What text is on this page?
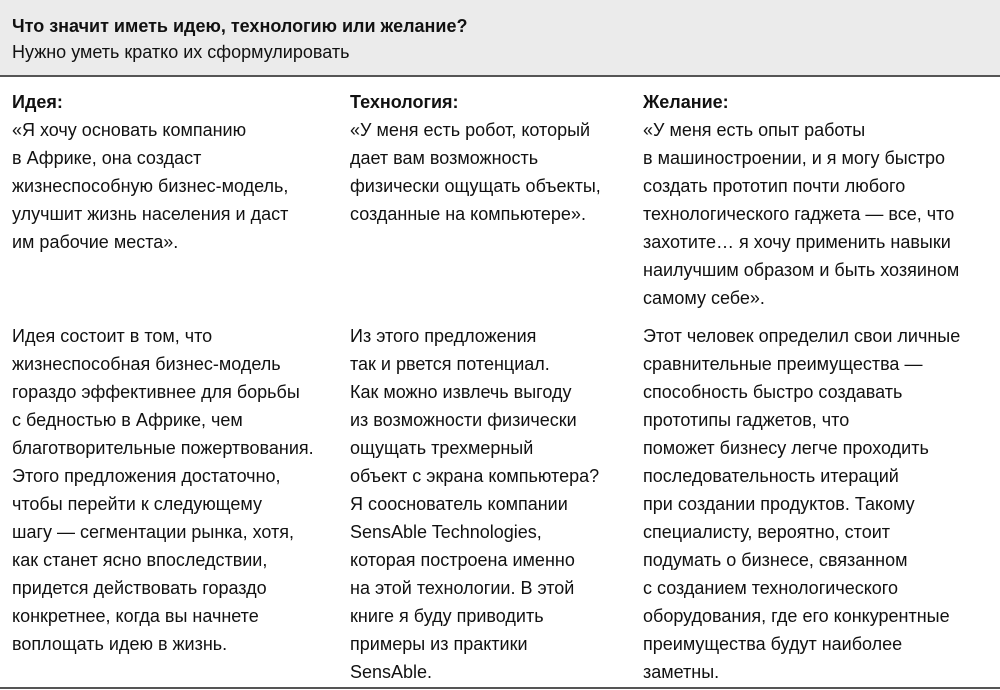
Что значит иметь идею, технологию или желание?
Нужно уметь кратко их сформулировать
Идея:
«Я хочу основать компанию
в Африке, она создаст
жизнеспособную бизнес-модель,
улучшит жизнь населения и даст
им рабочие места».
Идея состоит в том, что
жизнеспособная бизнес-модель
гораздо эффективнее для борьбы
с бедностью в Африке, чем
благотворительные пожертвования.
Этого предложения достаточно,
чтобы перейти к следующему
шагу — сегментации рынка, хотя,
как станет ясно впоследствии,
придется действовать гораздо
конкретнее, когда вы начнете
воплощать идею в жизнь.
Технология:
«У меня есть робот, который
дает вам возможность
физически ощущать объекты,
созданные на компьютере».
Из этого предложения
так и рвется потенциал.
Как можно извлечь выгоду
из возможности физически
ощущать трехмерный
объект с экрана компьютера?
Я сооснователь компании
SensAble Technologies,
которая построена именно
на этой технологии. В этой
книге я буду приводить
примеры из практики
SensAble.
Желание:
«У меня есть опыт работы
в машиностроении, и я могу быстро
создать прототип почти любого
технологического гаджета — все, что
захотите… я хочу применить навыки
наилучшим образом и быть хозяином
самому себе».
Этот человек определил свои личные
сравнительные преимущества —
способность быстро создавать
прототипы гаджетов, что
поможет бизнесу легче проходить
последовательность итераций
при создании продуктов. Такому
специалисту, вероятно, стоит
подумать о бизнесе, связанном
с созданием технологического
оборудования, где его конкурентные
преимущества будут наиболее
заметны.
